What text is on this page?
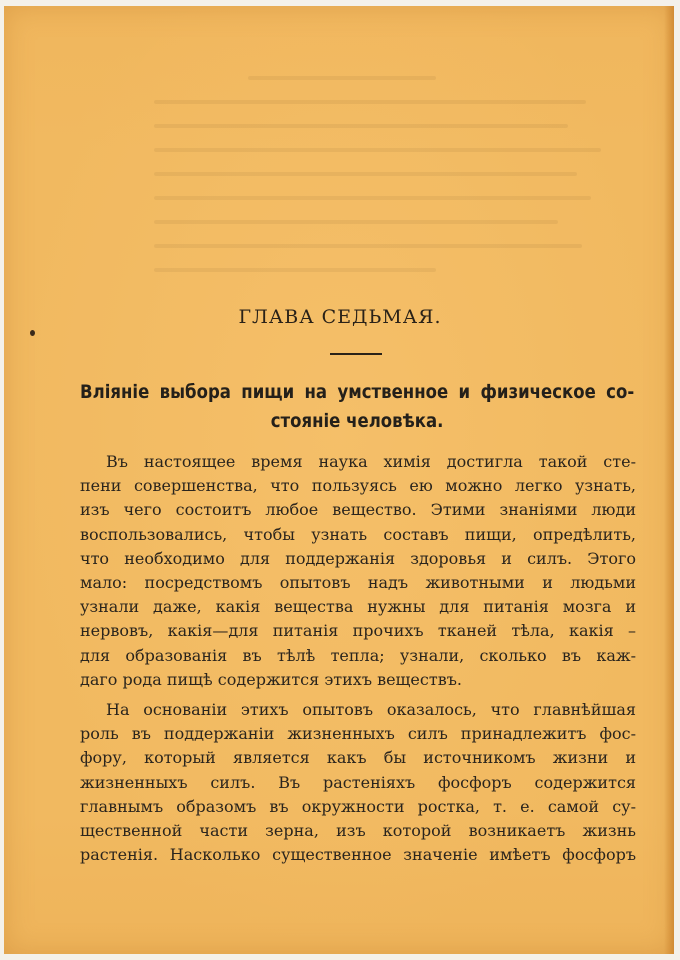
ГЛАВА СЕДЬМАЯ.
Вліяніе выбора пищи на умственное и физическое со-
стояніе человѣка.
Въ настоящее время наука химія достигла такой сте-
пени совершенства, что пользуясь ею можно легко узнать,
изъ чего состоитъ любое вещество. Этими знаніями люди
воспользовались, чтобы узнать составъ пищи, опредѣлить,
что необходимо для поддержанія здоровья и силъ. Этого
мало: посредствомъ опытовъ надъ животными и людьми
узнали даже, какія вещества нужны для питанія мозга и
нервовъ, какія—для питанія прочихъ тканей тѣла, какія –
для образованія въ тѣлѣ тепла; узнали, сколько въ каж-
даго рода пищѣ содержится этихъ веществъ.
На основаніи этихъ опытовъ оказалось, что главнѣйшая
роль въ поддержаніи жизненныхъ силъ принадлежитъ фос-
фору, который является какъ бы источникомъ жизни и
жизненныхъ силъ. Въ растеніяхъ фосфоръ содержится
главнымъ образомъ въ окружности ростка, т. е. самой су-
щественной части зерна, изъ которой возникаетъ жизнь
растенія. Насколько существенное значеніе имѣетъ фосфоръ
